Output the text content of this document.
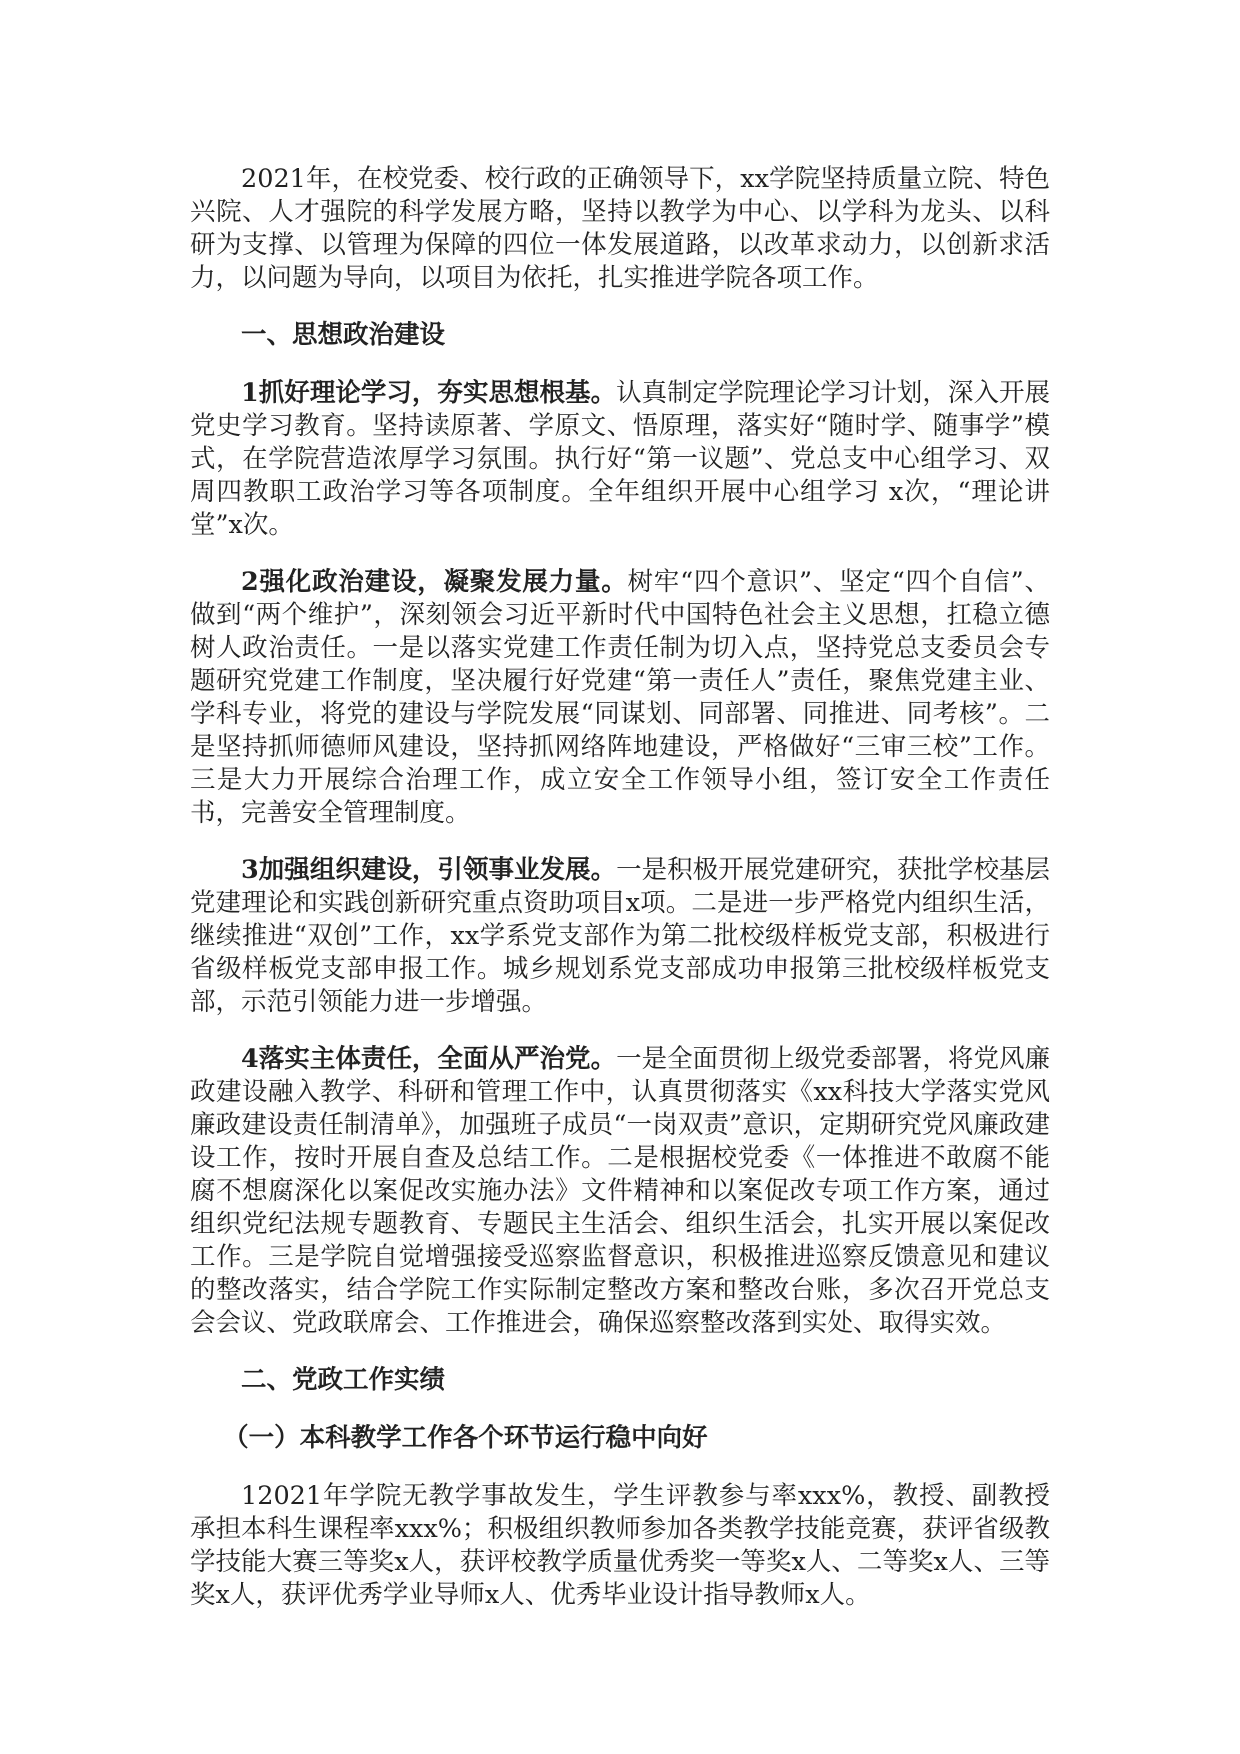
2021年，在校党委、校行政的正确领导下，xx学院坚持质量立院、特色兴院、人才强院的科学发展方略，坚持以教学为中心、以学科为龙头、以科研为支撑、以管理为保障的四位一体发展道路，以改革求动力，以创新求活力，以问题为导向，以项目为依托，扎实推进学院各项工作。

一、思想政治建设

1抓好理论学习，夯实思想根基。认真制定学院理论学习计划，深入开展党史学习教育。坚持读原著、学原文、悟原理，落实好“随时学、随事学”模式，在学院营造浓厚学习氛围。执行好“第一议题”、党总支中心组学习、双周四教职工政治学习等各项制度。全年组织开展中心组学习 x次，“理论讲堂”x次。

2强化政治建设，凝聚发展力量。树牢“四个意识”、坚定“四个自信”、做到“两个维护”，深刻领会习近平新时代中国特色社会主义思想，扛稳立德树人政治责任。一是以落实党建工作责任制为切入点，坚持党总支委员会专题研究党建工作制度，坚决履行好党建“第一责任人”责任，聚焦党建主业、学科专业，将党的建设与学院发展“同谋划、同部署、同推进、同考核”。二是坚持抓师德师风建设，坚持抓网络阵地建设，严格做好“三审三校”工作。三是大力开展综合治理工作，成立安全工作领导小组，签订安全工作责任书，完善安全管理制度。

3加强组织建设，引领事业发展。一是积极开展党建研究，获批学校基层党建理论和实践创新研究重点资助项目x项。二是进一步严格党内组织生活，继续推进“双创”工作，xx学系党支部作为第二批校级样板党支部，积极进行省级样板党支部申报工作。城乡规划系党支部成功申报第三批校级样板党支部，示范引领能力进一步增强。

4落实主体责任，全面从严治党。一是全面贯彻上级党委部署，将党风廉政建设融入教学、科研和管理工作中，认真贯彻落实《xx科技大学落实党风廉政建设责任制清单》，加强班子成员“一岗双责”意识，定期研究党风廉政建设工作，按时开展自查及总结工作。二是根据校党委《一体推进不敢腐不能腐不想腐深化以案促改实施办法》文件精神和以案促改专项工作方案，通过组织党纪法规专题教育、专题民主生活会、组织生活会，扎实开展以案促改工作。三是学院自觉增强接受巡察监督意识，积极推进巡察反馈意见和建议的整改落实，结合学院工作实际制定整改方案和整改台账，多次召开党总支会会议、党政联席会、工作推进会，确保巡察整改落到实处、取得实效。

二、党政工作实绩

（一）本科教学工作各个环节运行稳中向好

12021年学院无教学事故发生，学生评教参与率xxx%，教授、副教授承担本科生课程率xxx%；积极组织教师参加各类教学技能竞赛，获评省级教学技能大赛三等奖x人，获评校教学质量优秀奖一等奖x人、二等奖x人、三等奖x人，获评优秀学业导师x人、优秀毕业设计指导教师x人。
